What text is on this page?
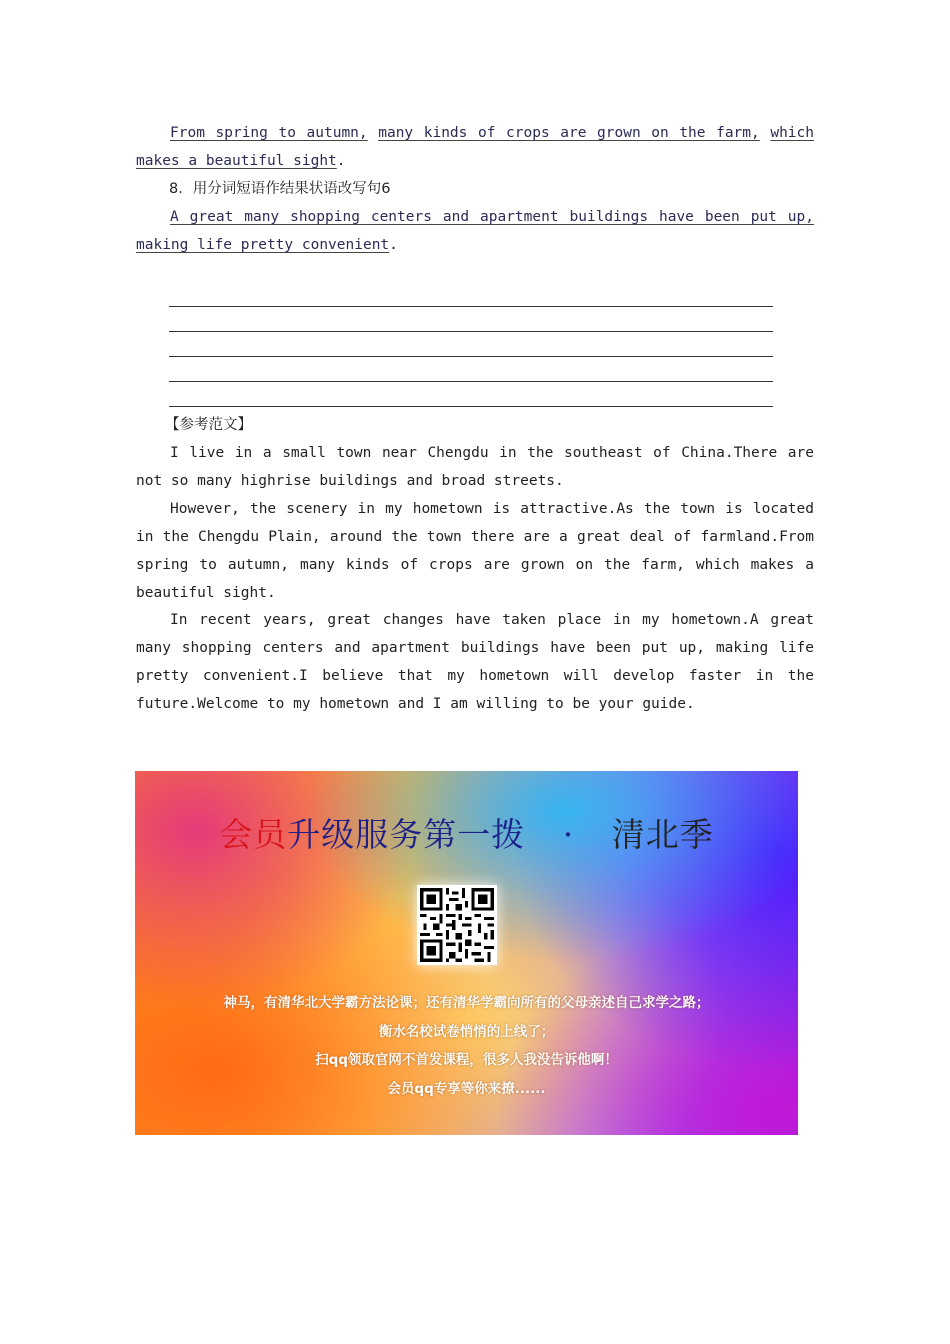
From spring to autumn, many kinds of crops are grown on the farm, which makes a beautiful sight.

8．用分词短语作结果状语改写句6

A great many shopping centers and apartment buildings have been put up, making life pretty convenient.

【参考范文】

I live in a small town near Chengdu in the southeast of China.There are not so many highrise buildings and broad streets.

However, the scenery in my hometown is attractive.As the town is located in the Chengdu Plain, around the town there are a great deal of farmland.From spring to autumn, many kinds of crops are grown on the farm, which makes a beautiful sight.

In recent years, great changes have taken place in my hometown.A great many shopping centers and apartment buildings have been put up, making life pretty convenient.I believe that my hometown will develop faster in the future.Welcome to my hometown and I am willing to be your guide.

会员升级服务第一拨 · 清北季
神马，有清华北大学霸方法论课；还有清华学霸向所有的父母亲述自己求学之路；
衡水名校试卷悄悄的上线了；
扫qq领取官网不首发课程，很多人我没告诉他啊！
会员qq专享等你来撩......
